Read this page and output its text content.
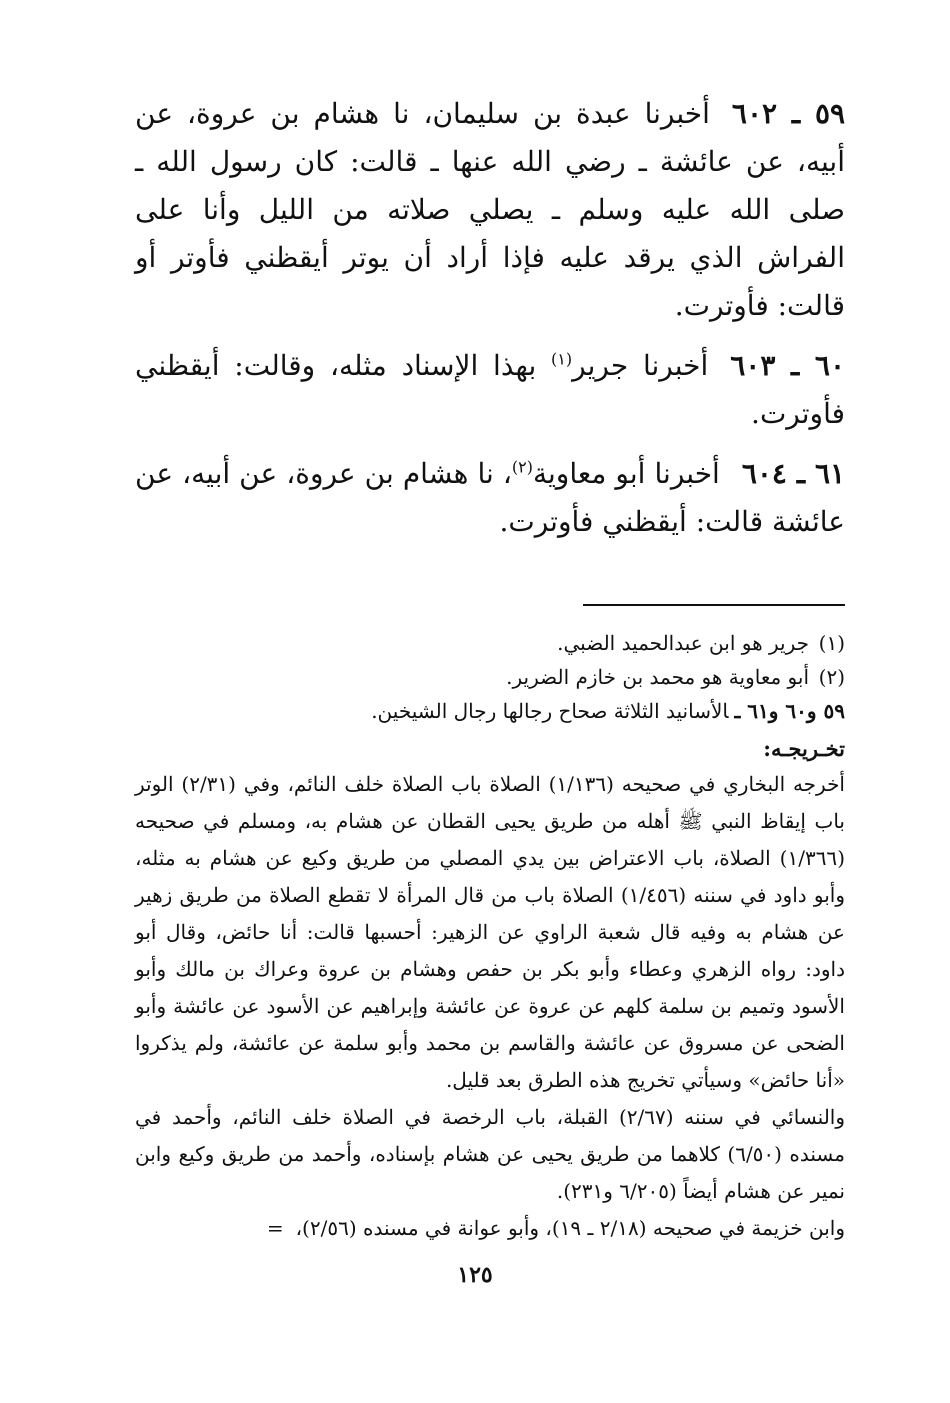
٥٩ ـ ٦٠٢أخبرنا عبدة بن سليمان، نا هشام بن عروة، عن أبيه، عن عائشة ـ رضي الله عنها ـ قالت: كان رسول الله ـ صلى الله عليه وسلم ـ يصلي صلاته من الليل وأنا على الفراش الذي يرقد عليه فإذا أراد أن يوتر أيقظني فأوتر أو قالت: فأوترت.

٦٠ ـ ٦٠٣أخبرنا جرير$^{(١)}$ بهذا الإسناد مثله، وقالت: أيقظني فأوترت.

٦١ ـ ٦٠٤أخبرنا أبو معاوية$^{(٢)}$، نا هشام بن عروة، عن أبيه، عن عائشة قالت: أيقظني فأوترت.

(١)جرير هو ابن عبدالحميد الضبي.

(٢)أبو معاوية هو محمد بن خازم الضرير.

٥٩ و٦٠ و٦١ ـالأسانيد الثلاثة صحاح رجالها رجال الشيخين.

تخـريجـه:

أخرجه البخاري في صحيحه (١/١٣٦) الصلاة باب الصلاة خلف النائم، وفي (٢/٣١) الوتر باب إيقاظ النبي ﷺ أهله من طريق يحيى القطان عن هشام به، ومسلم في صحيحه (١/٣٦٦) الصلاة، باب الاعتراض بين يدي المصلي من طريق وكيع عن هشام به مثله، وأبو داود في سننه (١/٤٥٦) الصلاة باب من قال المرأة لا تقطع الصلاة من طريق زهير عن هشام به وفيه قال شعبة الراوي عن الزهير: أحسبها قالت: أنا حائض، وقال أبو داود: رواه الزهري وعطاء وأبو بكر بن حفص وهشام بن عروة وعراك بن مالك وأبو الأسود وتميم بن سلمة كلهم عن عروة عن عائشة وإبراهيم عن الأسود عن عائشة وأبو الضحى عن مسروق عن عائشة والقاسم بن محمد وأبو سلمة عن عائشة، ولم يذكروا «أنا حائض» وسيأتي تخريج هذه الطرق بعد قليل.

والنسائي في سننه (٢/٦٧) القبلة، باب الرخصة في الصلاة خلف النائم، وأحمد في مسنده (٦/٥٠) كلاهما من طريق يحيى عن هشام بإسناده، وأحمد من طريق وكيع وابن نمير عن هشام أيضاً (٦/٢٠٥ و٢٣١).

وابن خزيمة في صحيحه (٢/١٨ ـ ١٩)، وأبو عوانة في مسنده (٢/٥٦)،=

١٢٥
